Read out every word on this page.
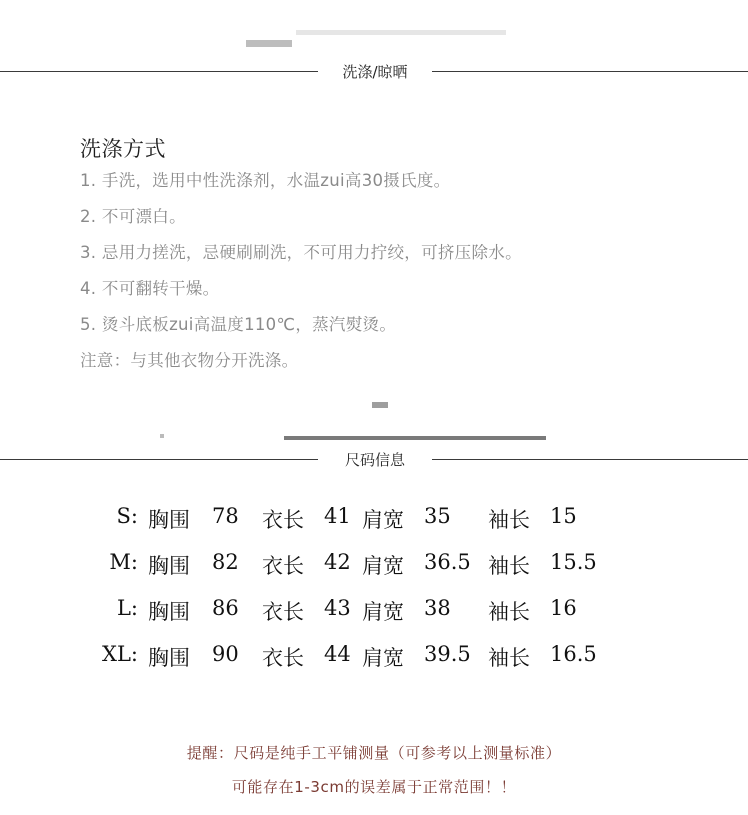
洗涤/晾晒
洗涤方式
1. 手洗，选用中性洗涤剂，水温zui高30摄氏度。
2. 不可漂白。
3. 忌用力搓洗，忌硬刷刷洗，不可用力拧绞，可挤压除水。
4. 不可翻转干燥。
5. 烫斗底板zui高温度110℃，蒸汽熨烫。
注意：与其他衣物分开洗涤。
尺码信息
S: 胸围 78 衣长 41 肩宽 35 袖长 15
M: 胸围 82 衣长 42 肩宽 36.5 袖长 15.5
L: 胸围 86 衣长 43 肩宽 38 袖长 16
XL: 胸围 90 衣长 44 肩宽 39.5 袖长 16.5
提醒：尺码是纯手工平铺测量（可参考以上测量标准）
可能存在1-3cm的误差属于正常范围！！
